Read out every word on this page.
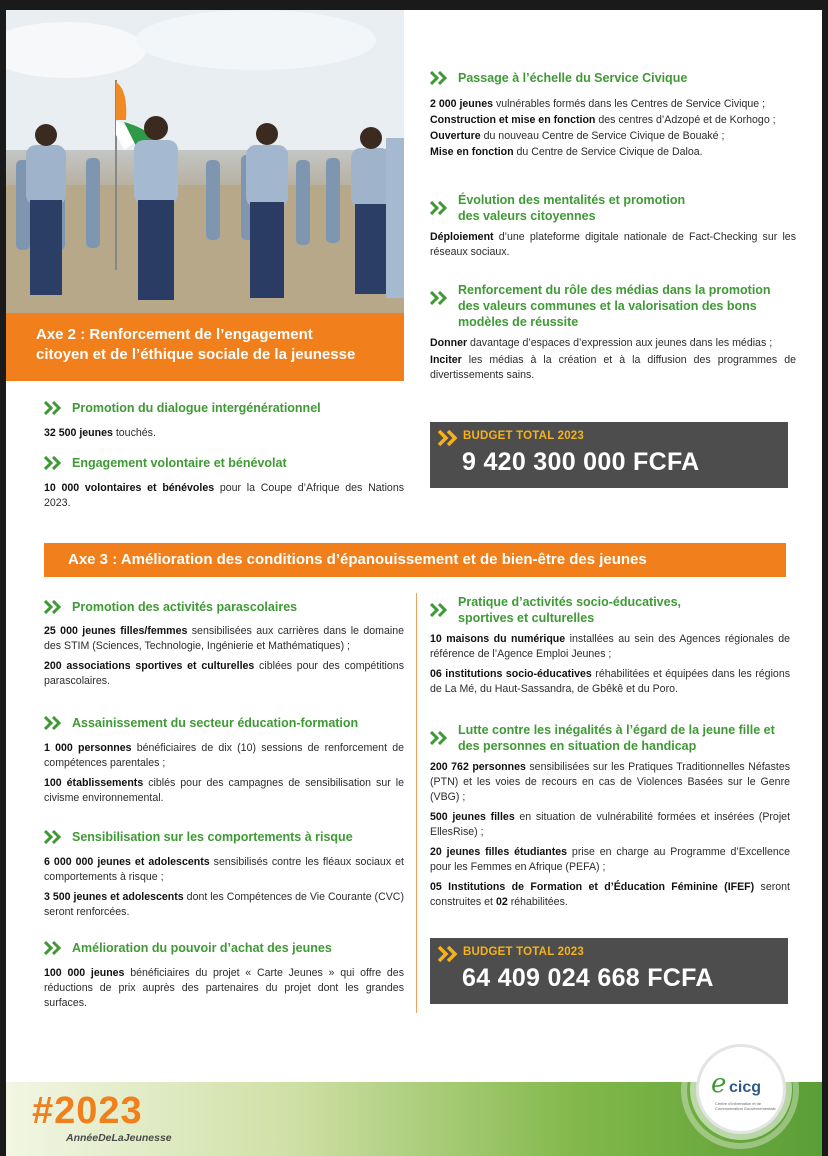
Axe 2 : Renforcement de l’engagement
citoyen et de l’éthique sociale de la jeunesse
Promotion du dialogue intergénérationnel

32 500 jeunes touchés.

Engagement volontaire et bénévolat

10 000 volontaires et bénévoles pour la Coupe d’Afrique des Nations 2023.

Passage à l’échelle du Service Civique

2 000 jeunes vulnérables formés dans les Centres de Service Civique ;

Construction et mise en fonction des centres d’Adzopé et de Korhogo ;

Ouverture du nouveau Centre de Service Civique de Bouaké ;

Mise en fonction du Centre de Service Civique de Daloa.

Évolution des mentalités et promotion
des valeurs citoyennes

Déploiement d’une plateforme digitale nationale de Fact-Checking sur les réseaux sociaux.

Renforcement du rôle des médias dans la promotion
des valeurs communes et la valorisation des bons
modèles de réussite

Donner davantage d’espaces d’expression aux jeunes dans les médias ;

Inciter les médias à la création et à la diffusion des programmes de divertissements sains.

BUDGET TOTAL 2023
9 420 300 000 FCFA
Axe 3 : Amélioration des conditions d’épanouissement et de bien-être des jeunes
Promotion des activités parascolaires

25 000 jeunes filles/femmes sensibilisées aux carrières dans le domaine des STIM (Sciences, Technologie, Ingénierie et Mathématiques) ;

200 associations sportives et culturelles ciblées pour des compétitions parascolaires.

Assainissement du secteur éducation-formation

1 000 personnes bénéficiaires de dix (10) sessions de renforcement de compétences parentales ;

100 établissements ciblés pour des campagnes de sensibilisation sur le civisme environnemental.

Sensibilisation sur les comportements à risque

6 000 000 jeunes et adolescents sensibilisés contre les fléaux sociaux et comportements à risque ;

3 500 jeunes et adolescents dont les Compétences de Vie Courante (CVC) seront renforcées.

Amélioration du pouvoir d’achat des jeunes

100 000 jeunes bénéficiaires du projet « Carte Jeunes » qui offre des réductions de prix auprès des partenaires du projet dont les grandes surfaces.

Pratique d’activités socio-éducatives,
sportives et culturelles

10 maisons du numérique installées au sein des Agences régionales de référence de l’Agence Emploi Jeunes ;

06 institutions socio-éducatives réhabilitées et équipées dans les régions de La Mé, du Haut-Sassandra, de Gbêkê et du Poro.

Lutte contre les inégalités à l’égard de la jeune fille et
des personnes en situation de handicap

200 762 personnes sensibilisées sur les Pratiques Traditionnelles Néfastes (PTN) et les voies de recours en cas de Violences Basées sur le Genre (VBG) ;

500 jeunes filles en situation de vulnérabilité formées et insérées (Projet EllesRise) ;

20 jeunes filles étudiantes prise en charge au Programme d’Excellence pour les Femmes en Afrique (PEFA) ;

05 Institutions de Formation et d’Éducation Féminine (IFEF) seront construites et 02 réhabilitées.

BUDGET TOTAL 2023
64 409 024 668 FCFA
#2023
AnnéeDeLaJeunesse
e cicg
Centre d'Information et de Communication Gouvernementale
